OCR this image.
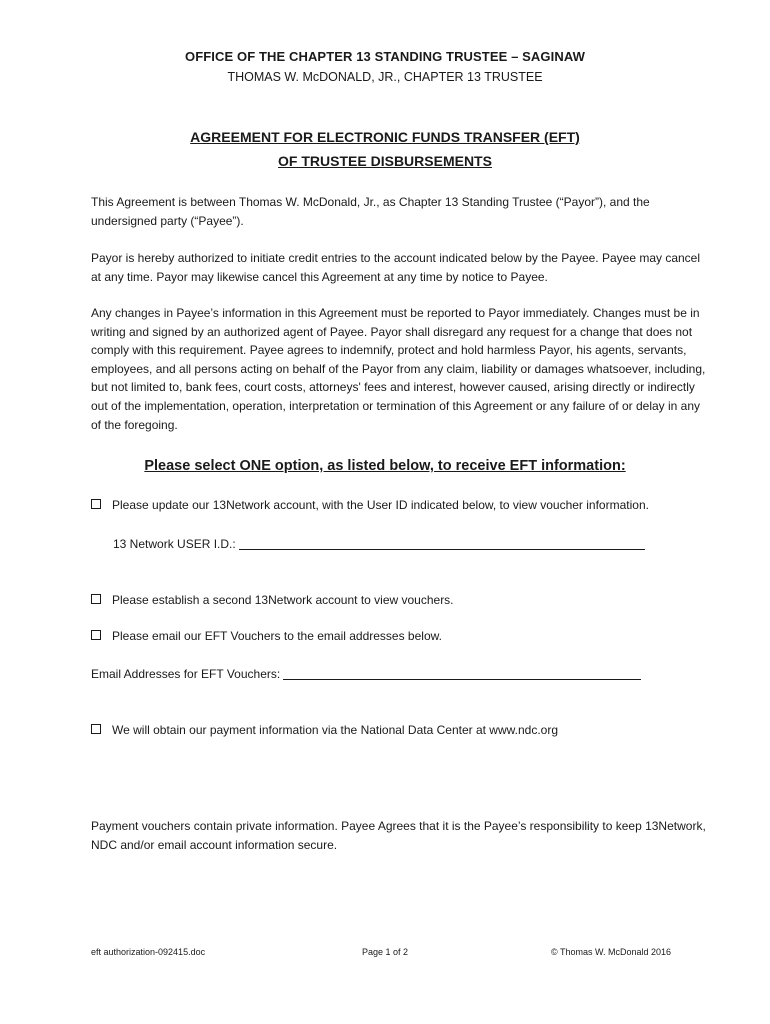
OFFICE OF THE CHAPTER 13 STANDING TRUSTEE – SAGINAW
THOMAS W. McDONALD, JR., CHAPTER 13 TRUSTEE
AGREEMENT FOR ELECTRONIC FUNDS TRANSFER (EFT)
OF TRUSTEE DISBURSEMENTS
This Agreement is between Thomas W. McDonald, Jr., as Chapter 13 Standing Trustee (“Payor”), and the undersigned party (“Payee”).
Payor is hereby authorized to initiate credit entries to the account indicated below by the Payee. Payee may cancel at any time. Payor may likewise cancel this Agreement at any time by notice to Payee.
Any changes in Payee’s information in this Agreement must be reported to Payor immediately. Changes must be in writing and signed by an authorized agent of Payee. Payor shall disregard any request for a change that does not comply with this requirement. Payee agrees to indemnify, protect and hold harmless Payor, his agents, servants, employees, and all persons acting on behalf of the Payor from any claim, liability or damages whatsoever, including, but not limited to, bank fees, court costs, attorneys' fees and interest, however caused, arising directly or indirectly out of the implementation, operation, interpretation or termination of this Agreement or any failure of or delay in any of the foregoing.
Please select ONE option, as listed below, to receive EFT information:
Please update our 13Network account, with the User ID indicated below, to view voucher information.
13 Network USER I.D.:
Please establish a second 13Network account to view vouchers.
Please email our EFT Vouchers to the email addresses below.
Email Addresses for EFT Vouchers:
We will obtain our payment information via the National Data Center at www.ndc.org
Payment vouchers contain private information. Payee Agrees that it is the Payee’s responsibility to keep 13Network, NDC and/or email account information secure.
eft authorization-092415.doc	Page 1 of 2	© Thomas W. McDonald 2016
